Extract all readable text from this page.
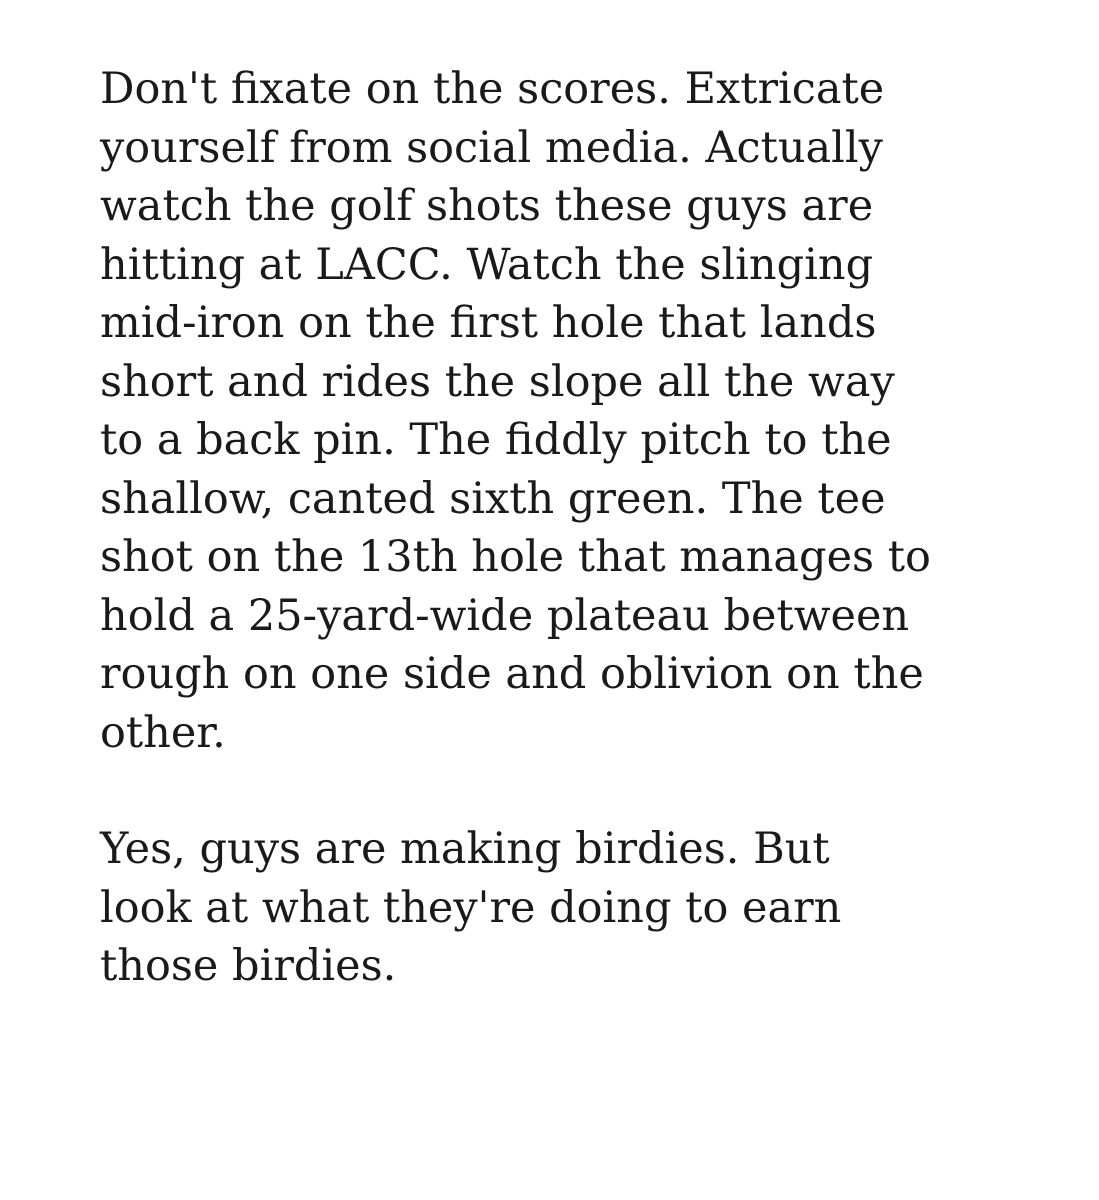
Don't fixate on the scores. Extricate
yourself from social media. Actually
watch the golf shots these guys are
hitting at LACC. Watch the slinging
mid-iron on the first hole that lands
short and rides the slope all the way
to a back pin. The fiddly pitch to the
shallow, canted sixth green. The tee
shot on the 13th hole that manages to
hold a 25-yard-wide plateau between
rough on one side and oblivion on the
other.

Yes, guys are making birdies. But
look at what they're doing to earn
those birdies.
